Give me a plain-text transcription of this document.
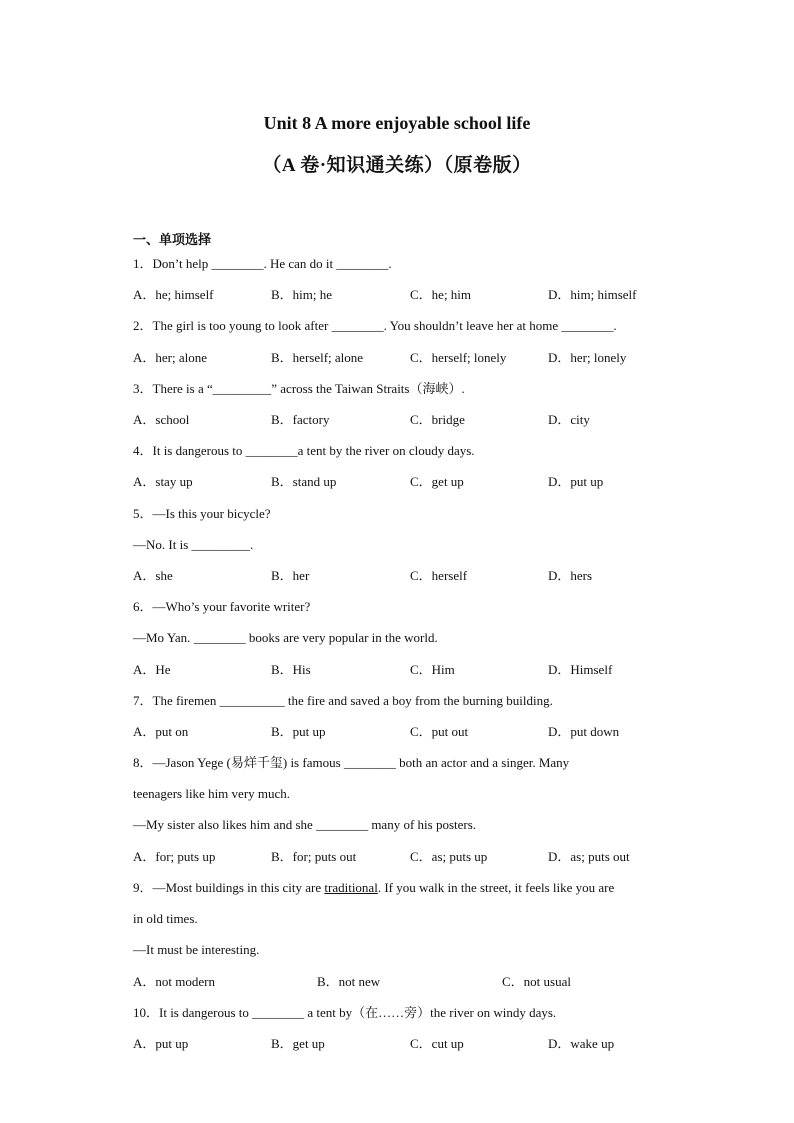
Unit 8 A more enjoyable school life
（A 卷·知识通关练）（原卷版）
一、单项选择
1．Don’t help ________. He can do it ________.
A．he; himself	B．him; he	C．he; him	D．him; himself
2．The girl is too young to look after ________. You shouldn’t leave her at home ________.
A．her; alone	B．herself; alone	C．herself; lonely	D．her; lonely
3．There is a “_________” across the Taiwan Straits（海峡）.
A．school	B．factory	C．bridge	D．city
4．It is dangerous to ________a tent by the river on cloudy days.
A．stay up	B．stand up	C．get up	D．put up
5．—Is this your bicycle?
—No. It is _________.
A．she	B．her	C．herself	D．hers
6．—Who’s your favorite writer?
—Mo Yan. ________ books are very popular in the world.
A．He	B．His	C．Him	D．Himself
7．The firemen __________ the fire and saved a boy from the burning building.
A．put on	B．put up	C．put out	D．put down
8．—Jason Yege (易烊千玺) is famous ________ both an actor and a singer. Many
teenagers like him very much.
—My sister also likes him and she ________ many of his posters.
A．for; puts up	B．for; puts out	C．as; puts up	D．as; puts out
9．—Most buildings in this city are traditional. If you walk in the street, it feels like you are
in old times.
—It must be interesting.
A．not modern	B．not new	C．not usual
10．It is dangerous to ________ a tent by（在……旁）the river on windy days.
A．put up	B．get up	C．cut up	D．wake up
